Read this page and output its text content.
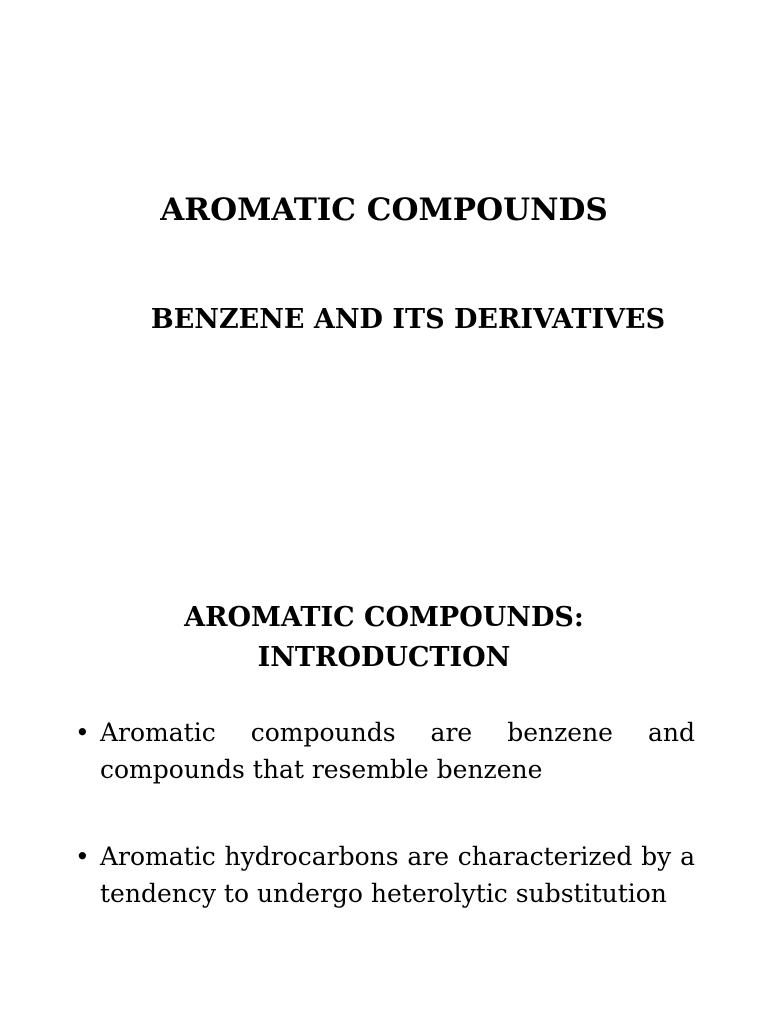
AROMATIC COMPOUNDS
BENZENE AND ITS DERIVATIVES
AROMATIC COMPOUNDS:
INTRODUCTION
• Aromatic compounds are benzene and compounds that resemble benzene
• Aromatic hydrocarbons are characterized by a tendency to undergo heterolytic substitution
